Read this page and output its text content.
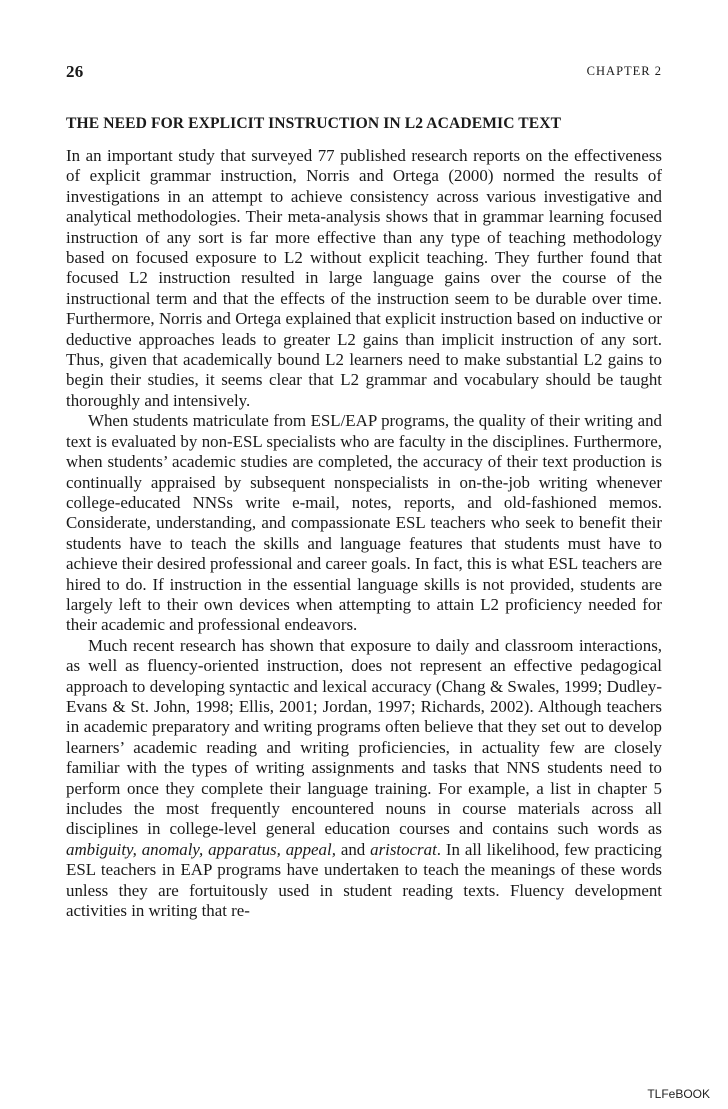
26	CHAPTER 2
THE NEED FOR EXPLICIT INSTRUCTION IN L2 ACADEMIC TEXT

In an important study that surveyed 77 published research reports on the effectiveness of explicit grammar instruction, Norris and Ortega (2000) normed the results of investigations in an attempt to achieve consistency across various investigative and analytical methodologies. Their meta-analysis shows that in grammar learning focused instruction of any sort is far more effective than any type of teaching methodology based on focused exposure to L2 without explicit teaching. They further found that focused L2 instruction resulted in large language gains over the course of the instructional term and that the effects of the instruction seem to be durable over time. Furthermore, Norris and Ortega explained that explicit instruction based on inductive or deductive approaches leads to greater L2 gains than implicit instruction of any sort. Thus, given that academically bound L2 learners need to make substantial L2 gains to begin their studies, it seems clear that L2 grammar and vocabulary should be taught thoroughly and intensively.

When students matriculate from ESL/EAP programs, the quality of their writing and text is evaluated by non-ESL specialists who are faculty in the disciplines. Furthermore, when students’ academic studies are completed, the accuracy of their text production is continually appraised by subsequent nonspecialists in on-the-job writing whenever college-educated NNSs write e-mail, notes, reports, and old-fashioned memos. Considerate, understanding, and compassionate ESL teachers who seek to benefit their students have to teach the skills and language features that students must have to achieve their desired professional and career goals. In fact, this is what ESL teachers are hired to do. If instruction in the essential language skills is not provided, students are largely left to their own devices when attempting to attain L2 proficiency needed for their academic and professional endeavors.

Much recent research has shown that exposure to daily and classroom interactions, as well as fluency-oriented instruction, does not represent an effective pedagogical approach to developing syntactic and lexical accuracy (Chang & Swales, 1999; Dudley-Evans & St. John, 1998; Ellis, 2001; Jordan, 1997; Richards, 2002). Although teachers in academic preparatory and writing programs often believe that they set out to develop learners’ academic reading and writing proficiencies, in actuality few are closely familiar with the types of writing assignments and tasks that NNS students need to perform once they complete their language training. For example, a list in chapter 5 includes the most frequently encountered nouns in course materials across all disciplines in college-level general education courses and contains such words as ambiguity, anomaly, apparatus, appeal, and aristocrat. In all likelihood, few practicing ESL teachers in EAP programs have undertaken to teach the meanings of these words unless they are fortuitously used in student reading texts. Fluency development activities in writing that re-

TLFeBOOK
